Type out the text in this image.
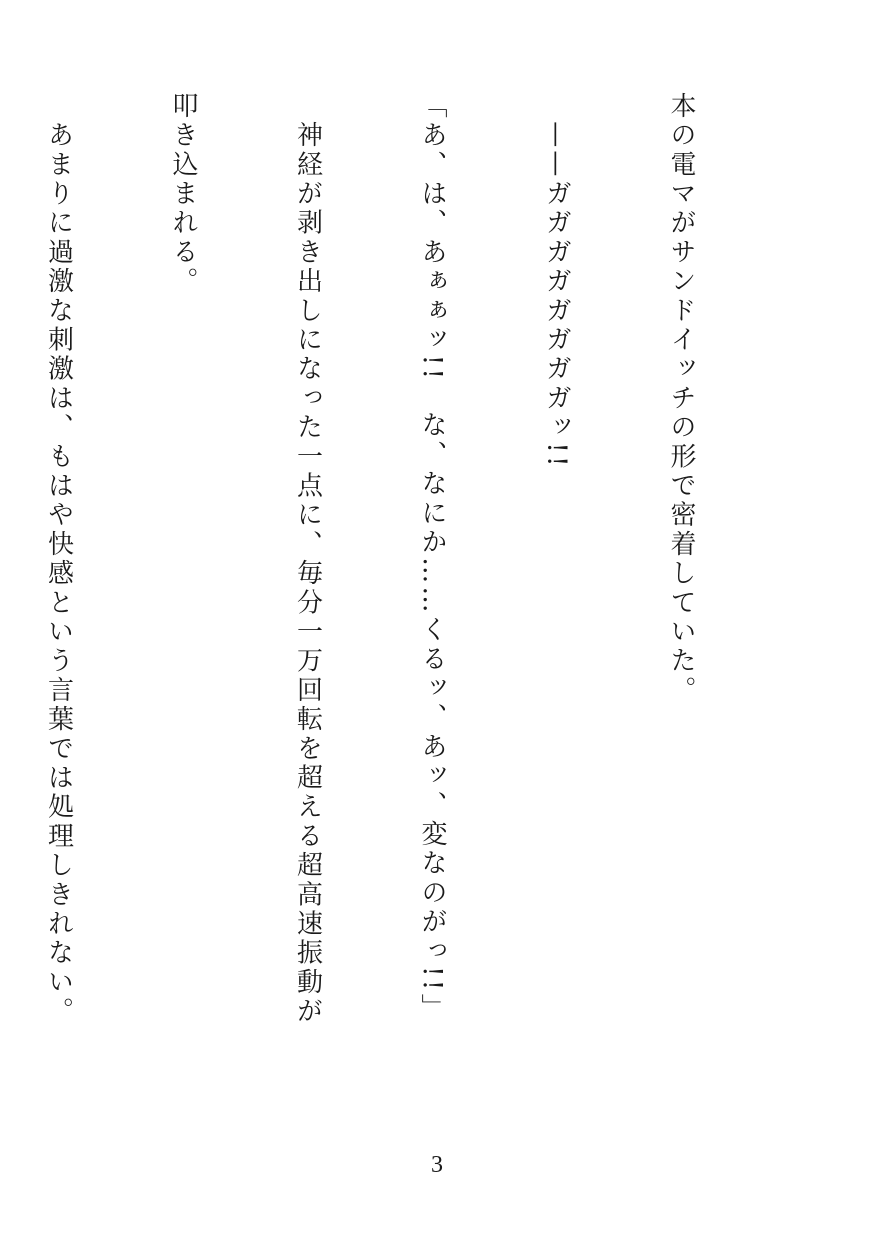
本の電マがサンドイッチの形で密着していた。

　——ガガガガガガガガッ!!

「あ、は、あぁぁッ!!　な、なにか……くるッ、あッ、変なのがっ!!」

　神経が剥き出しになった一点に、毎分一万回転を超える超高速振動が

叩き込まれる。

　あまりに過激な刺激は、もはや快感という言葉では処理しきれない。

3
